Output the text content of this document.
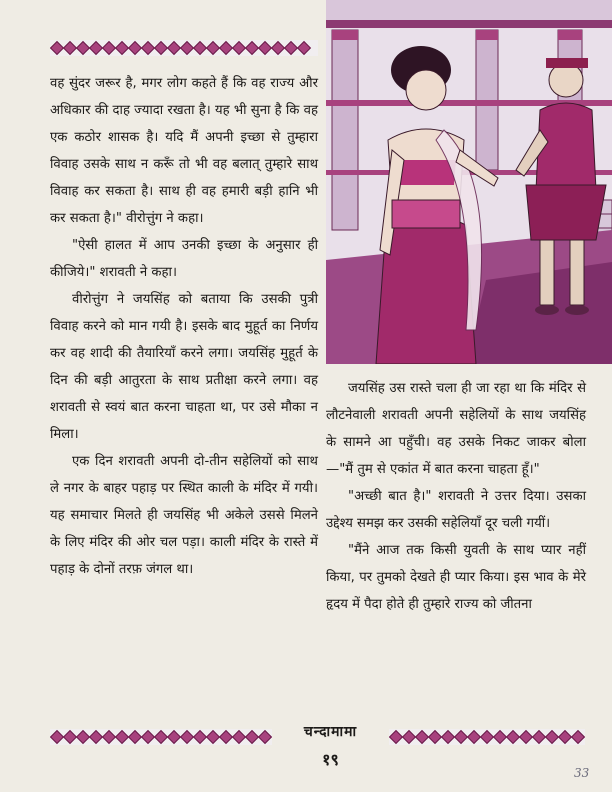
वह सुंदर जरूर है, मगर लोग कहते हैं कि वह राज्य और अधिकार की दाह ज्यादा रखता है। यह भी सुना है कि वह एक कठोर शासक है। यदि मैं अपनी इच्छा से तुम्हारा विवाह उसके साथ न करूँ तो भी वह बलात् तुम्हारे साथ विवाह कर सकता है। साथ ही वह हमारी बड़ी हानि भी कर सकता है।" वीरोत्तुंग ने कहा।

"ऐसी हालत में आप उनकी इच्छा के अनुसार ही कीजिये।" शरावती ने कहा।

वीरोत्तुंग ने जयसिंह को बताया कि उसकी पुत्री विवाह करने को मान गयी है। इसके बाद मुहूर्त का निर्णय कर वह शादी की तैयारियाँ करने लगा। जयसिंह मुहूर्त के दिन की बड़ी आतुरता के साथ प्रतीक्षा करने लगा। वह शरावती से स्वयं बात करना चाहता था, पर उसे मौका न मिला।

एक दिन शरावती अपनी दो-तीन सहेलियों को साथ ले नगर के बाहर पहाड़ पर स्थित काली के मंदिर में गयी। यह समाचार मिलते ही जयसिंह भी अकेले उससे मिलने के लिए मंदिर की ओर चल पड़ा। काली मंदिर के रास्ते में पहाड़ के दोनों तरफ़ जंगल था।

जयसिंह उस रास्ते चला ही जा रहा था कि मंदिर से लौटनेवाली शरावती अपनी सहेलियों के साथ जयसिंह के सामने आ पहुँची। वह उसके निकट जाकर बोला—"मैं तुम से एकांत में बात करना चाहता हूँ।"

"अच्छी बात है।" शरावती ने उत्तर दिया। उसका उद्देश्य समझ कर उसकी सहेलियाँ दूर चली गयीं।

"मैंने आज तक किसी युवती के साथ प्यार नहीं किया, पर तुमको देखते ही प्यार किया। इस भाव के मेरे हृदय में पैदा होते ही तुम्हारे राज्य को जीतना

चन्दामामा
१९
33
